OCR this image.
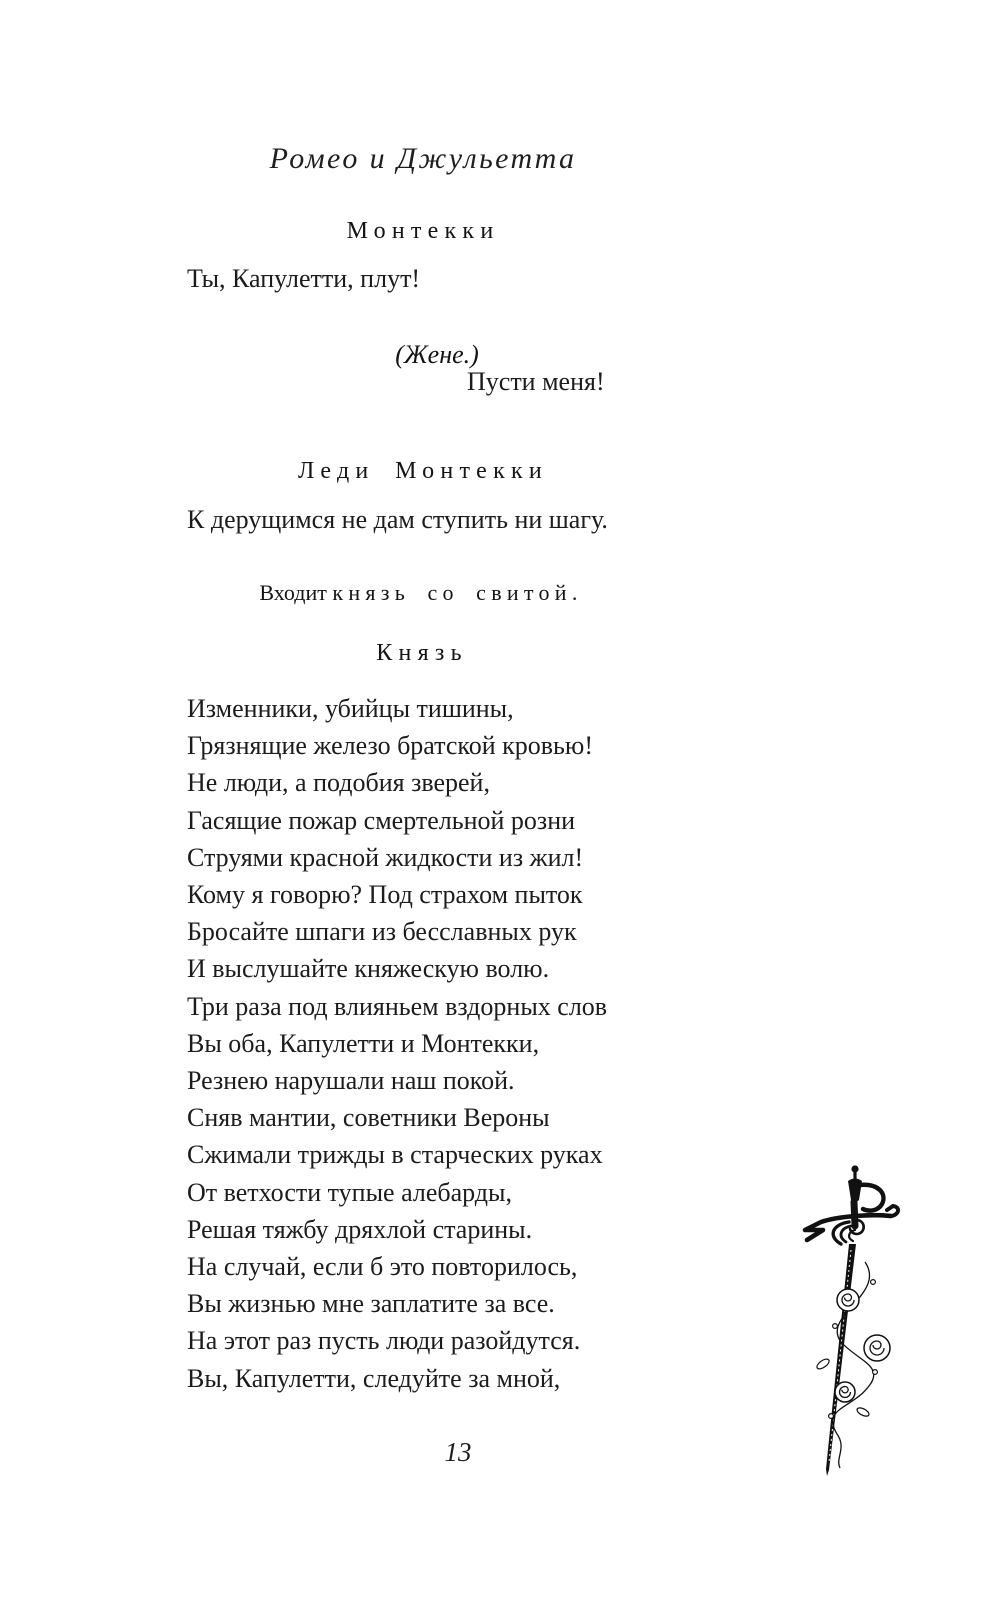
Ромео и Джульетта
Монтекки
Ты, Капулетти, плут!
(Жене.)
Пусти меня!
Леди Монтекки
К дерущимся не дам ступить ни шагу.
Входит князь со свитой.
Князь
Изменники, убийцы тишины,
Грязнящие железо братской кровью!
Не люди, а подобия зверей,
Гасящие пожар смертельной розни
Струями красной жидкости из жил!
Кому я говорю? Под страхом пыток
Бросайте шпаги из бесславных рук
И выслушайте княжескую волю.
Три раза под влияньем вздорных слов
Вы оба, Капулетти и Монтекки,
Резнею нарушали наш покой.
Сняв мантии, советники Вероны
Сжимали трижды в старческих руках
От ветхости тупые алебарды,
Решая тяжбу дряхлой старины.
На случай, если б это повторилось,
Вы жизнью мне заплатите за все.
На этот раз пусть люди разойдутся.
Вы, Капулетти, следуйте за мной,
13
